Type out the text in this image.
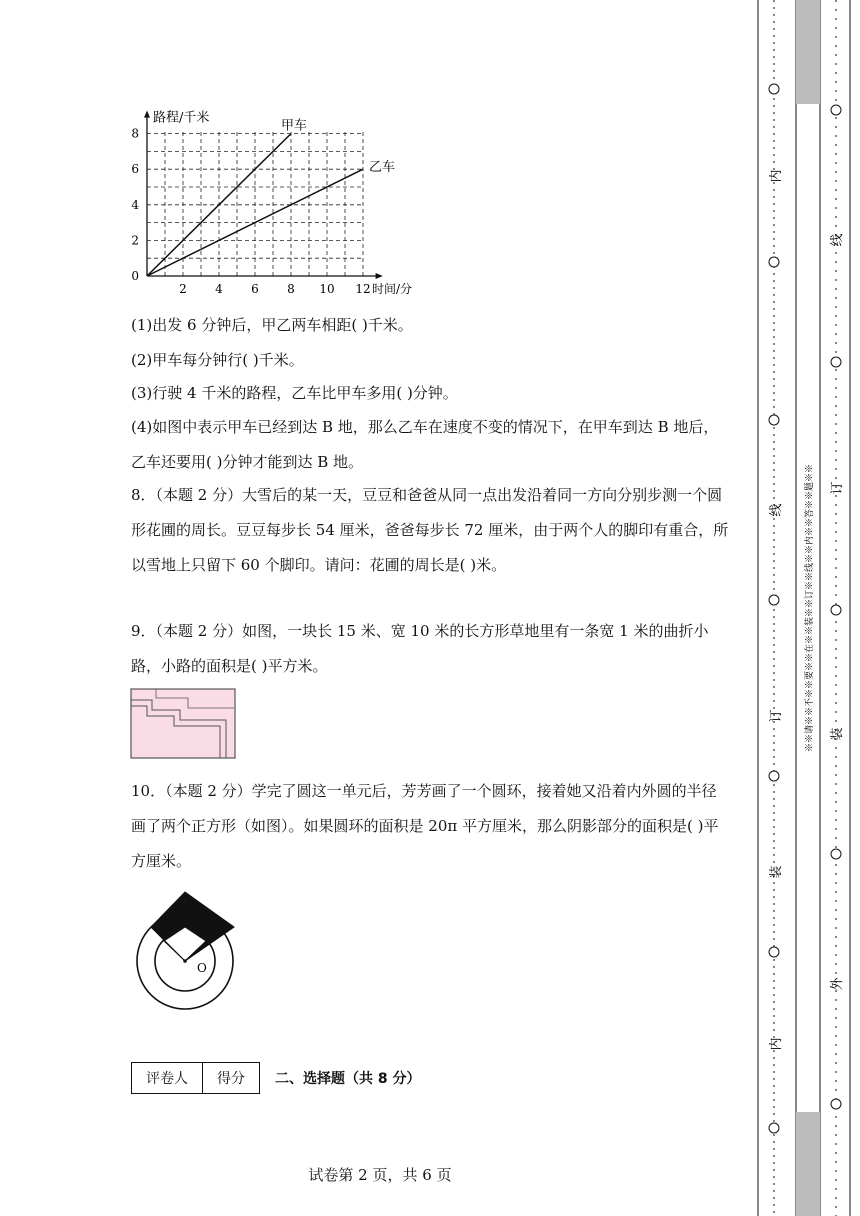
路程/千米
2 4 6 8 10 12 时间/分
0
2
4
6
8	甲车
乙车

(1)出发 6 分钟后，甲乙两车相距( )千米。

(2)甲车每分钟行( )千米。

(3)行驶 4 千米的路程，乙车比甲车多用( )分钟。

(4)如图中表示甲车已经到达 B 地，那么乙车在速度不变的情况下，在甲车到达 B 地后，乙车还要用( )分钟才能到达 B 地。

8．（本题 2 分）大雪后的某一天，豆豆和爸爸从同一点出发沿着同一方向分别步测一个圆形花圃的周长。豆豆每步长 54 厘米，爸爸每步长 72 厘米，由于两个人的脚印有重合，所以雪地上只留下 60 个脚印。请问：花圃的周长是( )米。

9．（本题 2 分）如图，一块长 15 米、宽 10 米的长方形草地里有一条宽 1 米的曲折小路，小路的面积是( )平方米。

10．（本题 2 分）学完了圆这一单元后，芳芳画了一个圆环，接着她又沿着内外圆的半径画了两个正方形（如图）。如果圆环的面积是 20π 平方厘米，那么阴影部分的面积是( )平方厘米。

O
评卷人	得分	二、选择题（共 8 分）
试卷第 2 页，共 6 页
内
线
订
装
内
※※请※※不※※要※※在※※装※※订※※线※※内※※答※※题※※
线
订
装
外
